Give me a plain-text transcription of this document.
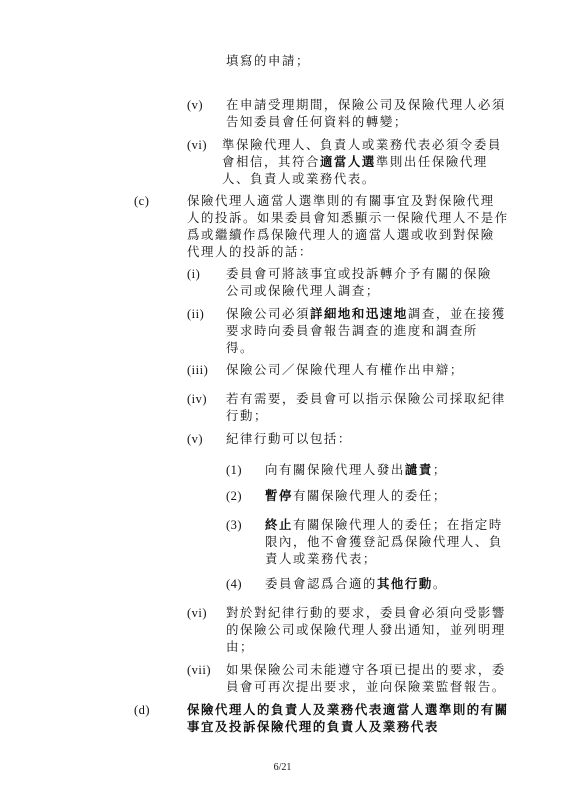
填寫的申請；
(v) 在申請受理期間，保險公司及保險代理人必須
告知委員會任何資料的轉變；
(vi) 準保險代理人、負責人或業務代表必須令委員
會相信，其符合適當人選準則出任保險代理
人、負責人或業務代表。
(c)	保險代理人適當人選準則的有關事宜及對保險代理
人的投訴。如果委員會知悉顯示一保險代理人不是作
爲或繼續作爲保險代理人的適當人選或收到對保險
代理人的投訴的話：
(i) 委員會可將該事宜或投訴轉介予有關的保險
公司或保險代理人調查；
(ii) 保險公司必須詳細地和迅速地調查，並在接獲
要求時向委員會報告調查的進度和調查所
得。
(iii) 保險公司／保險代理人有權作出申辯；
(iv) 若有需要，委員會可以指示保險公司採取紀律
行動；
(v) 紀律行動可以包括：
(1) 向有關保險代理人發出譴責；
(2) 暫停有關保險代理人的委任；
(3) 終止有關保險代理人的委任；在指定時
限內，他不會獲登記爲保險代理人、負
責人或業務代表；
(4) 委員會認爲合適的其他行動。
(vi) 對於對紀律行動的要求，委員會必須向受影響
的保險公司或保險代理人發出通知，並列明理
由；
(vii) 如果保險公司未能遵守各項已提出的要求，委
員會可再次提出要求，並向保險業監督報告。
(d)	保險代理人的負責人及業務代表適當人選準則的有關
事宜及投訴保險代理的負責人及業務代表
6/21
